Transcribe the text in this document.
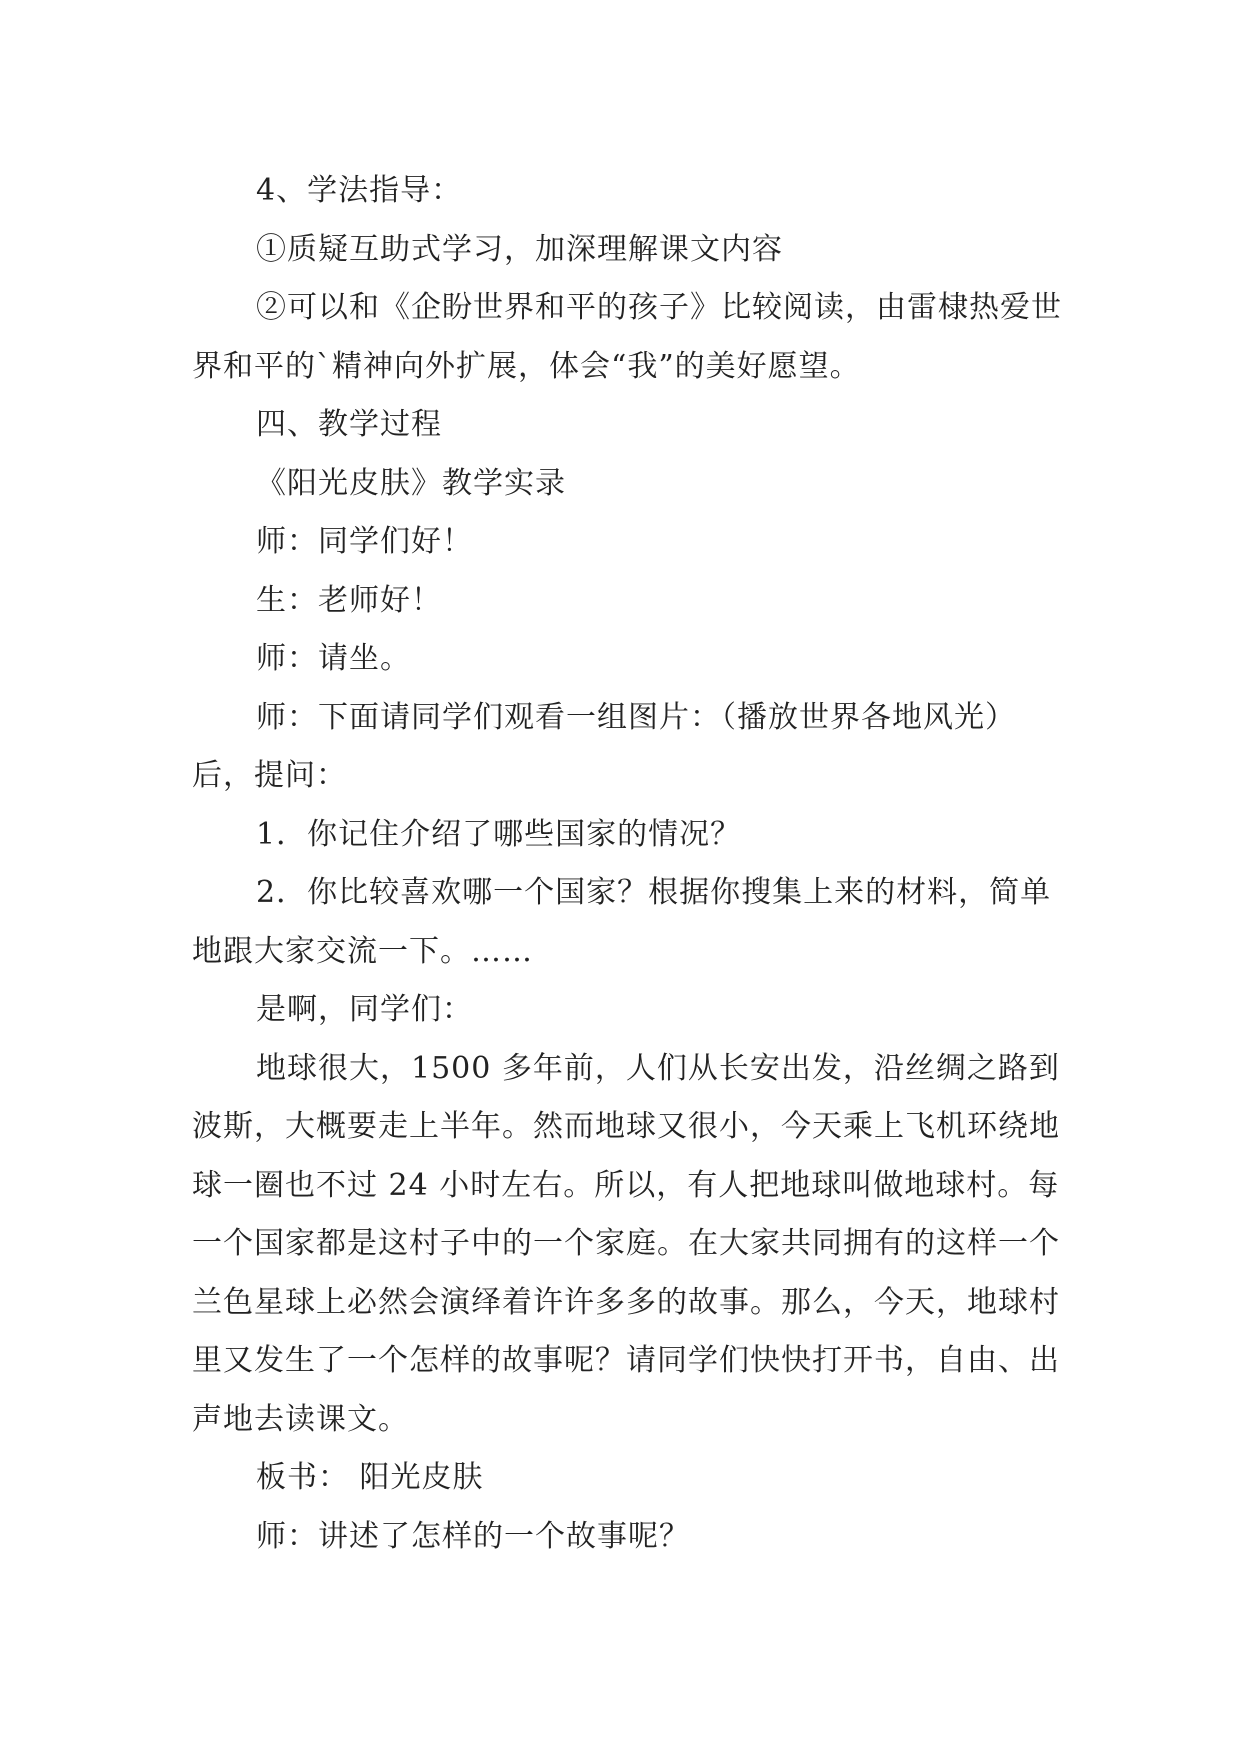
4、学法指导：

①质疑互助式学习，加深理解课文内容

②可以和《企盼世界和平的孩子》比较阅读，由雷棣热爱世界和平的`精神向外扩展，体会“我”的美好愿望。

四、教学过程

《阳光皮肤》教学实录

师：同学们好！

生：老师好！

师：请坐。

师：下面请同学们观看一组图片：（播放世界各地风光）后，提问：

1．你记住介绍了哪些国家的情况？

2．你比较喜欢哪一个国家？根据你搜集上来的材料，简单地跟大家交流一下。……

是啊，同学们：

地球很大，1500 多年前，人们从长安出发，沿丝绸之路到波斯，大概要走上半年。然而地球又很小，今天乘上飞机环绕地球一圈也不过 24 小时左右。所以，有人把地球叫做地球村。每一个国家都是这村子中的一个家庭。在大家共同拥有的这样一个兰色星球上必然会演绎着许许多多的故事。那么，今天，地球村里又发生了一个怎样的故事呢？请同学们快快打开书，自由、出声地去读课文。

板书： 阳光皮肤

师：讲述了怎样的一个故事呢？
